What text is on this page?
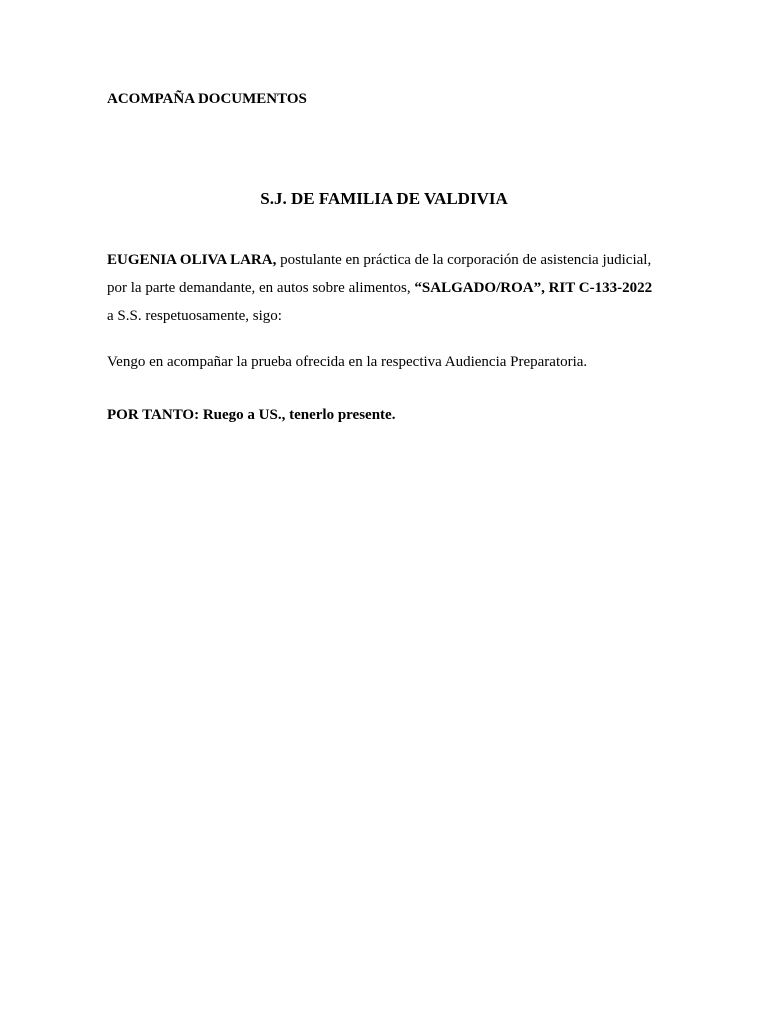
ACOMPAÑA DOCUMENTOS
S.J. DE FAMILIA DE VALDIVIA
EUGENIA OLIVA LARA, postulante en práctica de la corporación de asistencia judicial,
por la parte demandante, en autos sobre alimentos, “SALGADO/ROA”, RIT C-133-2022
a S.S. respetuosamente, sigo:
Vengo en acompañar la prueba ofrecida en la respectiva Audiencia Preparatoria.
POR TANTO: Ruego a US., tenerlo presente.
